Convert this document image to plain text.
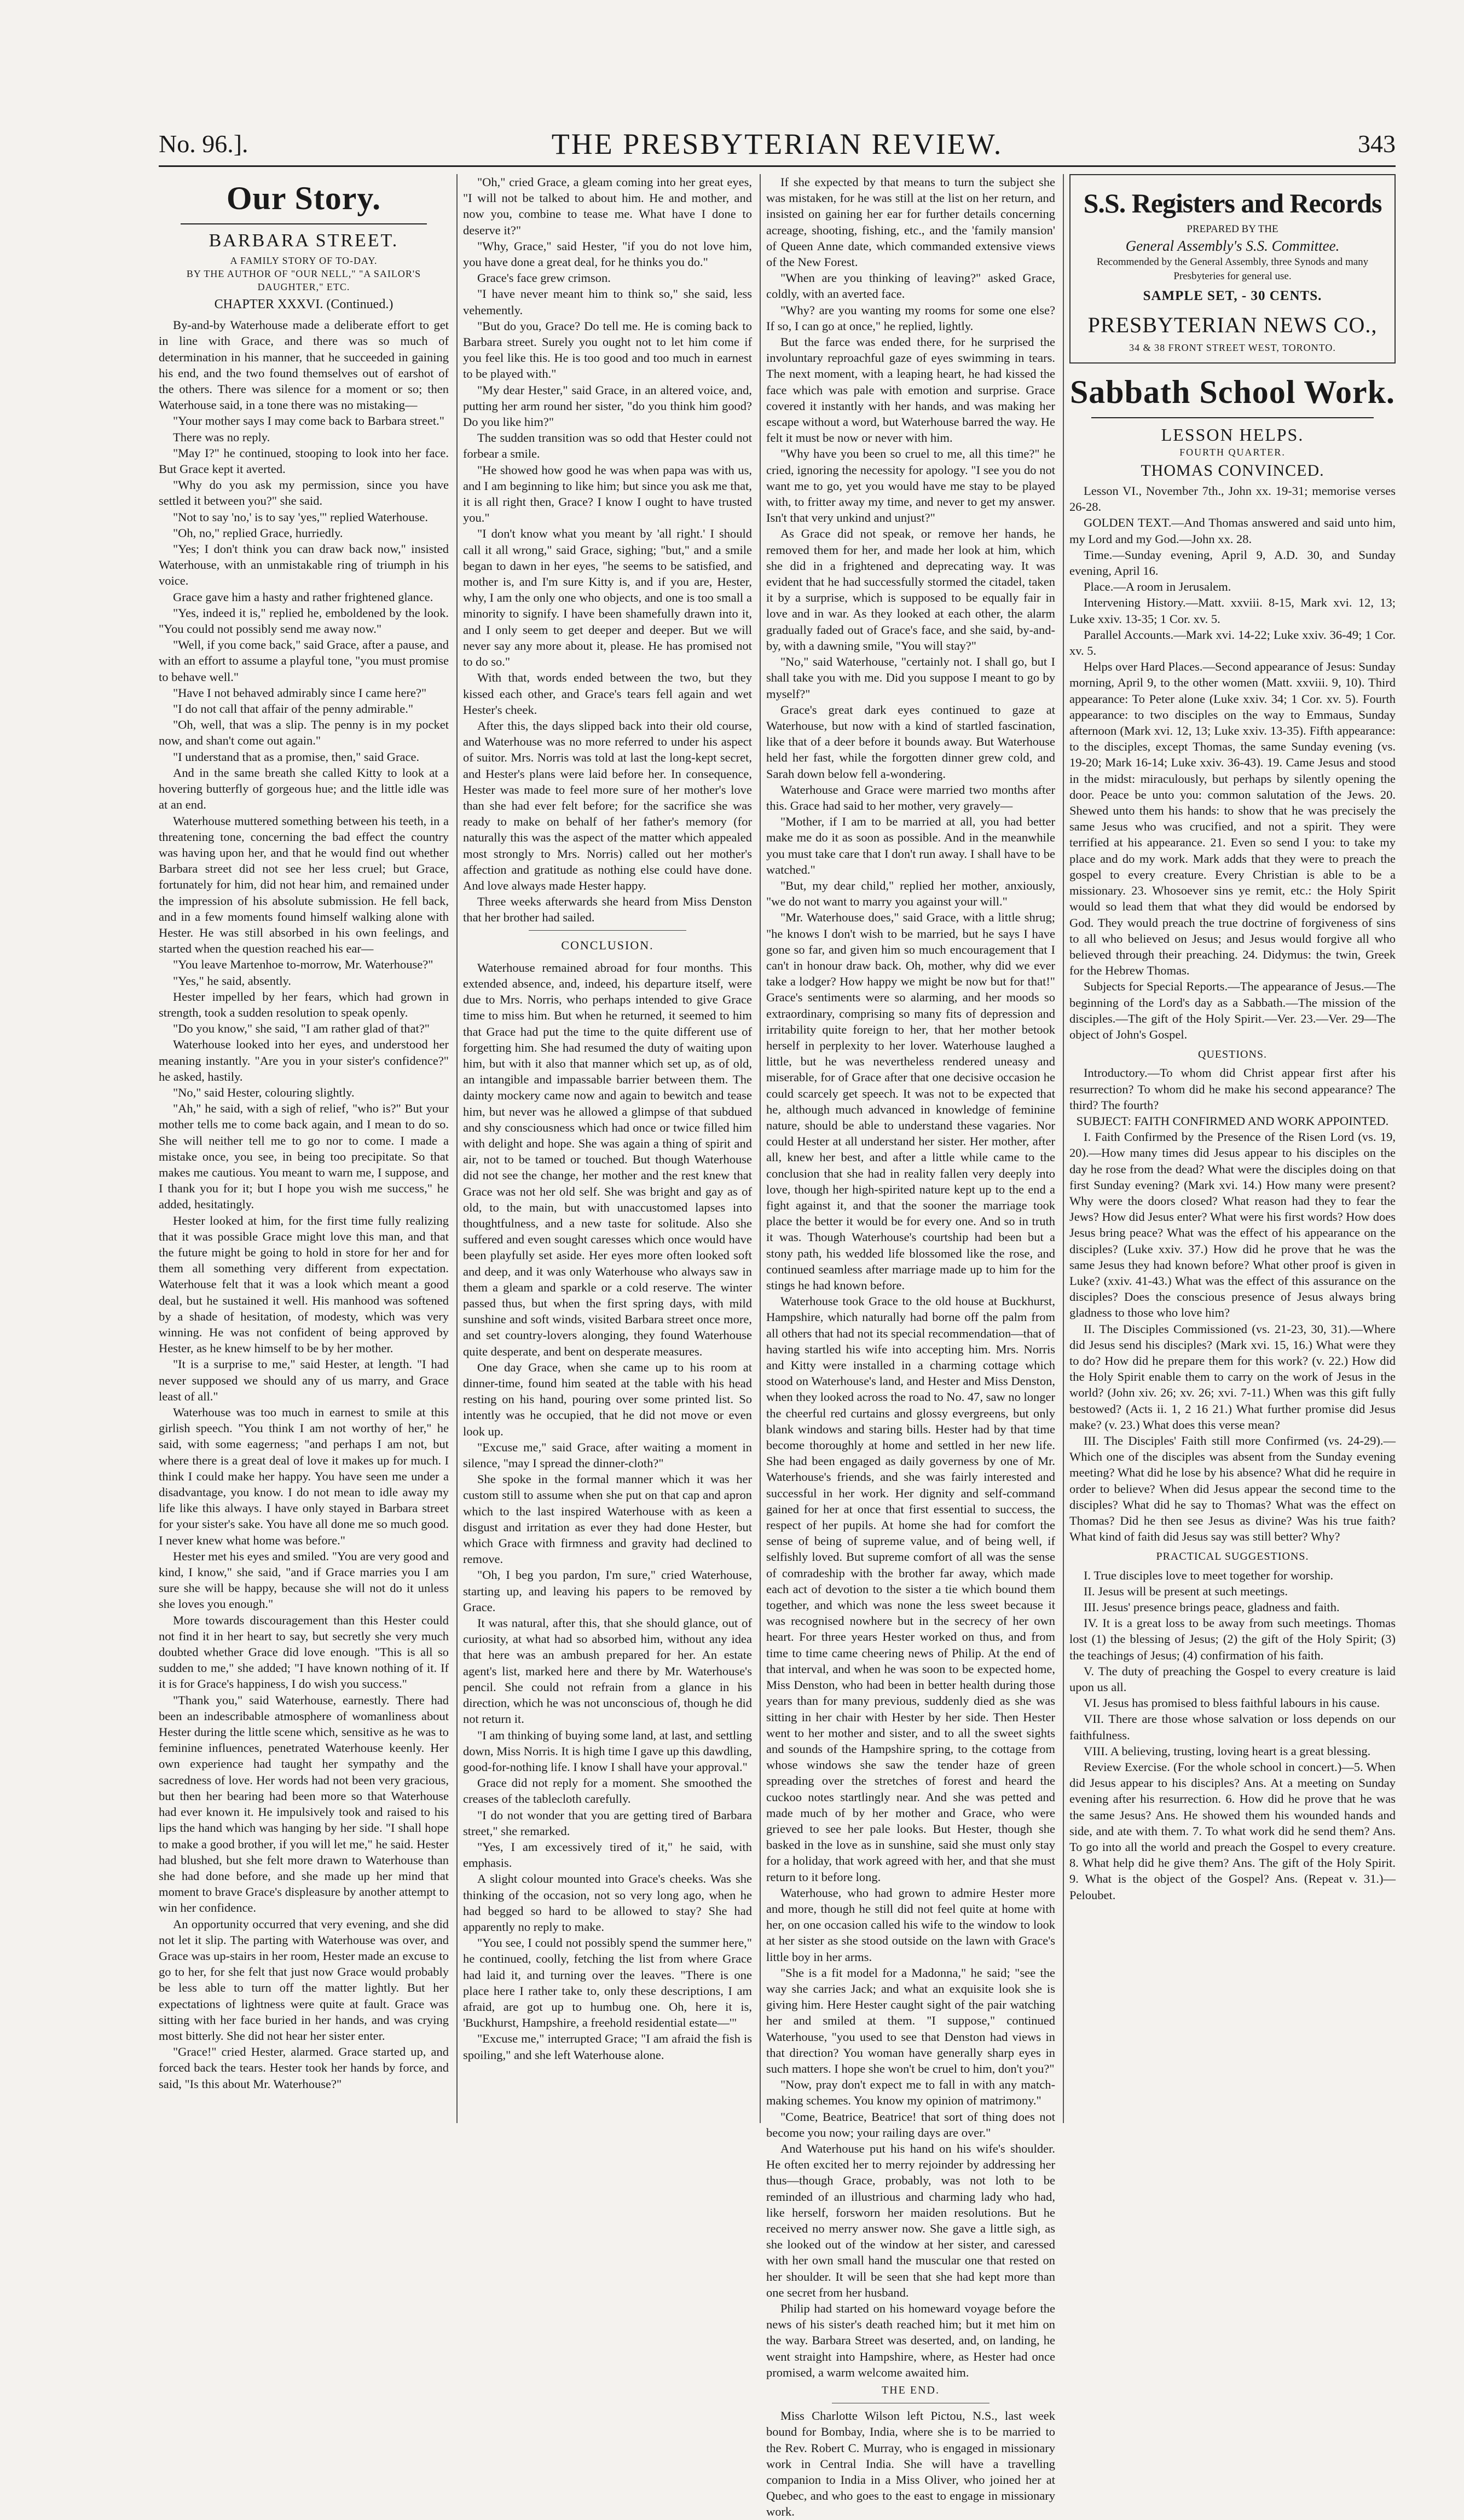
No. 96.].	THE PRESBYTERIAN REVIEW.	343
Our Story.

BARBARA STREET.

A FAMILY STORY OF TO-DAY.

BY THE AUTHOR OF "OUR NELL," "A SAILOR'S DAUGHTER," ETC.

CHAPTER XXXVI. (Continued.)

By-and-by Waterhouse made a deliberate effort to get in line with Grace, and there was so much of determination in his manner, that he succeeded in gaining his end, and the two found themselves out of earshot of the others. There was silence for a moment or so; then Waterhouse said, in a tone there was no mistaking—

"Your mother says I may come back to Barbara street."

There was no reply.

"May I?" he continued, stooping to look into her face. But Grace kept it averted.

"Why do you ask my permission, since you have settled it between you?" she said.

"Not to say 'no,' is to say 'yes,'" replied Waterhouse.

"Oh, no," replied Grace, hurriedly.

"Yes; I don't think you can draw back now," insisted Waterhouse, with an unmistakable ring of triumph in his voice.

Grace gave him a hasty and rather frightened glance.

"Yes, indeed it is," replied he, emboldened by the look. "You could not possibly send me away now."

"Well, if you come back," said Grace, after a pause, and with an effort to assume a playful tone, "you must promise to behave well."

"Have I not behaved admirably since I came here?"

"I do not call that affair of the penny admirable."

"Oh, well, that was a slip. The penny is in my pocket now, and shan't come out again."

"I understand that as a promise, then," said Grace.

And in the same breath she called Kitty to look at a hovering butterfly of gorgeous hue; and the little idle was at an end.

Waterhouse muttered something between his teeth, in a threatening tone, concerning the bad effect the country was having upon her, and that he would find out whether Barbara street did not see her less cruel; but Grace, fortunately for him, did not hear him, and remained under the impression of his absolute submission. He fell back, and in a few moments found himself walking alone with Hester. He was still absorbed in his own feelings, and started when the question reached his ear—

"You leave Martenhoe to-morrow, Mr. Waterhouse?"

"Yes," he said, absently.

Hester impelled by her fears, which had grown in strength, took a sudden resolution to speak openly.

"Do you know," she said, "I am rather glad of that?"

Waterhouse looked into her eyes, and understood her meaning instantly. "Are you in your sister's confidence?" he asked, hastily.

"No," said Hester, colouring slightly.

"Ah," he said, with a sigh of relief, "who is?" But your mother tells me to come back again, and I mean to do so. She will neither tell me to go nor to come. I made a mistake once, you see, in being too precipitate. So that makes me cautious. You meant to warn me, I suppose, and I thank you for it; but I hope you wish me success," he added, hesitatingly.

Hester looked at him, for the first time fully realizing that it was possible Grace might love this man, and that the future might be going to hold in store for her and for them all something very different from expectation. Waterhouse felt that it was a look which meant a good deal, but he sustained it well. His manhood was softened by a shade of hesitation, of modesty, which was very winning. He was not confident of being approved by Hester, as he knew himself to be by her mother.

"It is a surprise to me," said Hester, at length. "I had never supposed we should any of us marry, and Grace least of all."

Waterhouse was too much in earnest to smile at this girlish speech. "You think I am not worthy of her," he said, with some eagerness; "and perhaps I am not, but where there is a great deal of love it makes up for much. I think I could make her happy. You have seen me under a disadvantage, you know. I do not mean to idle away my life like this always. I have only stayed in Barbara street for your sister's sake. You have all done me so much good. I never knew what home was before."

Hester met his eyes and smiled. "You are very good and kind, I know," she said, "and if Grace marries you I am sure she will be happy, because she will not do it unless she loves you enough."

More towards discouragement than this Hester could not find it in her heart to say, but secretly she very much doubted whether Grace did love enough. "This is all so sudden to me," she added; "I have known nothing of it. If it is for Grace's happiness, I do wish you success."

"Thank you," said Waterhouse, earnestly. There had been an indescribable atmosphere of womanliness about Hester during the little scene which, sensitive as he was to feminine influences, penetrated Waterhouse keenly. Her own experience had taught her sympathy and the sacredness of love. Her words had not been very gracious, but then her bearing had been more so that Waterhouse had ever known it. He impulsively took and raised to his lips the hand which was hanging by her side. "I shall hope to make a good brother, if you will let me," he said. Hester had blushed, but she felt more drawn to Waterhouse than she had done before, and she made up her mind that moment to brave Grace's displeasure by another attempt to win her confidence.

An opportunity occurred that very evening, and she did not let it slip. The parting with Waterhouse was over, and Grace was up-stairs in her room, Hester made an excuse to go to her, for she felt that just now Grace would probably be less able to turn off the matter lightly. But her expectations of lightness were quite at fault. Grace was sitting with her face buried in her hands, and was crying most bitterly. She did not hear her sister enter.

"Grace!" cried Hester, alarmed. Grace started up, and forced back the tears. Hester took her hands by force, and said, "Is this about Mr. Waterhouse?"

"Oh," cried Grace, a gleam coming into her great eyes, "I will not be talked to about him. He and mother, and now you, combine to tease me. What have I done to deserve it?"

"Why, Grace," said Hester, "if you do not love him, you have done a great deal, for he thinks you do."

Grace's face grew crimson.

"I have never meant him to think so," she said, less vehemently.

"But do you, Grace? Do tell me. He is coming back to Barbara street. Surely you ought not to let him come if you feel like this. He is too good and too much in earnest to be played with."

"My dear Hester," said Grace, in an altered voice, and, putting her arm round her sister, "do you think him good? Do you like him?"

The sudden transition was so odd that Hester could not forbear a smile.

"He showed how good he was when papa was with us, and I am beginning to like him; but since you ask me that, it is all right then, Grace? I know I ought to have trusted you."

"I don't know what you meant by 'all right.' I should call it all wrong," said Grace, sighing; "but," and a smile began to dawn in her eyes, "he seems to be satisfied, and mother is, and I'm sure Kitty is, and if you are, Hester, why, I am the only one who objects, and one is too small a minority to signify. I have been shamefully drawn into it, and I only seem to get deeper and deeper. But we will never say any more about it, please. He has promised not to do so."

With that, words ended between the two, but they kissed each other, and Grace's tears fell again and wet Hester's cheek.

After this, the days slipped back into their old course, and Waterhouse was no more referred to under his aspect of suitor. Mrs. Norris was told at last the long-kept secret, and Hester's plans were laid before her. In consequence, Hester was made to feel more sure of her mother's love than she had ever felt before; for the sacrifice she was ready to make on behalf of her father's memory (for naturally this was the aspect of the matter which appealed most strongly to Mrs. Norris) called out her mother's affection and gratitude as nothing else could have done. And love always made Hester happy.

Three weeks afterwards she heard from Miss Denston that her brother had sailed.

CONCLUSION.

Waterhouse remained abroad for four months. This extended absence, and, indeed, his departure itself, were due to Mrs. Norris, who perhaps intended to give Grace time to miss him. But when he returned, it seemed to him that Grace had put the time to the quite different use of forgetting him. She had resumed the duty of waiting upon him, but with it also that manner which set up, as of old, an intangible and impassable barrier between them. The dainty mockery came now and again to bewitch and tease him, but never was he allowed a glimpse of that subdued and shy consciousness which had once or twice filled him with delight and hope. She was again a thing of spirit and air, not to be tamed or touched. But though Waterhouse did not see the change, her mother and the rest knew that Grace was not her old self. She was bright and gay as of old, to the main, but with unaccustomed lapses into thoughtfulness, and a new taste for solitude. Also she suffered and even sought caresses which once would have been playfully set aside. Her eyes more often looked soft and deep, and it was only Waterhouse who always saw in them a gleam and sparkle or a cold reserve. The winter passed thus, but when the first spring days, with mild sunshine and soft winds, visited Barbara street once more, and set country-lovers alonging, they found Waterhouse quite desperate, and bent on desperate measures.

One day Grace, when she came up to his room at dinner-time, found him seated at the table with his head resting on his hand, pouring over some printed list. So intently was he occupied, that he did not move or even look up.

"Excuse me," said Grace, after waiting a moment in silence, "may I spread the dinner-cloth?"

She spoke in the formal manner which it was her custom still to assume when she put on that cap and apron which to the last inspired Waterhouse with as keen a disgust and irritation as ever they had done Hester, but which Grace with firmness and gravity had declined to remove.

"Oh, I beg you pardon, I'm sure," cried Waterhouse, starting up, and leaving his papers to be removed by Grace.

It was natural, after this, that she should glance, out of curiosity, at what had so absorbed him, without any idea that here was an ambush prepared for her. An estate agent's list, marked here and there by Mr. Waterhouse's pencil. She could not refrain from a glance in his direction, which he was not unconscious of, though he did not return it.

"I am thinking of buying some land, at last, and settling down, Miss Norris. It is high time I gave up this dawdling, good-for-nothing life. I know I shall have your approval."

Grace did not reply for a moment. She smoothed the creases of the tablecloth carefully.

"I do not wonder that you are getting tired of Barbara street," she remarked.

"Yes, I am excessively tired of it," he said, with emphasis.

A slight colour mounted into Grace's cheeks. Was she thinking of the occasion, not so very long ago, when he had begged so hard to be allowed to stay? She had apparently no reply to make.

"You see, I could not possibly spend the summer here," he continued, coolly, fetching the list from where Grace had laid it, and turning over the leaves. "There is one place here I rather take to, only these descriptions, I am afraid, are got up to humbug one. Oh, here it is, 'Buckhurst, Hampshire, a freehold residential estate—'"

"Excuse me," interrupted Grace; "I am afraid the fish is spoiling," and she left Waterhouse alone.

If she expected by that means to turn the subject she was mistaken, for he was still at the list on her return, and insisted on gaining her ear for further details concerning acreage, shooting, fishing, etc., and the 'family mansion' of Queen Anne date, which commanded extensive views of the New Forest.

"When are you thinking of leaving?" asked Grace, coldly, with an averted face.

"Why? are you wanting my rooms for some one else? If so, I can go at once," he replied, lightly.

But the farce was ended there, for he surprised the involuntary reproachful gaze of eyes swimming in tears. The next moment, with a leaping heart, he had kissed the face which was pale with emotion and surprise. Grace covered it instantly with her hands, and was making her escape without a word, but Waterhouse barred the way. He felt it must be now or never with him.

"Why have you been so cruel to me, all this time?" he cried, ignoring the necessity for apology. "I see you do not want me to go, yet you would have me stay to be played with, to fritter away my time, and never to get my answer. Isn't that very unkind and unjust?"

As Grace did not speak, or remove her hands, he removed them for her, and made her look at him, which she did in a frightened and deprecating way. It was evident that he had successfully stormed the citadel, taken it by a surprise, which is supposed to be equally fair in love and in war. As they looked at each other, the alarm gradually faded out of Grace's face, and she said, by-and-by, with a dawning smile, "You will stay?"

"No," said Waterhouse, "certainly not. I shall go, but I shall take you with me. Did you suppose I meant to go by myself?"

Grace's great dark eyes continued to gaze at Waterhouse, but now with a kind of startled fascination, like that of a deer before it bounds away. But Waterhouse held her fast, while the forgotten dinner grew cold, and Sarah down below fell a-wondering.

Waterhouse and Grace were married two months after this. Grace had said to her mother, very gravely—

"Mother, if I am to be married at all, you had better make me do it as soon as possible. And in the meanwhile you must take care that I don't run away. I shall have to be watched."

"But, my dear child," replied her mother, anxiously, "we do not want to marry you against your will."

"Mr. Waterhouse does," said Grace, with a little shrug; "he knows I don't wish to be married, but he says I have gone so far, and given him so much encouragement that I can't in honour draw back. Oh, mother, why did we ever take a lodger? How happy we might be now but for that!" Grace's sentiments were so alarming, and her moods so extraordinary, comprising so many fits of depression and irritability quite foreign to her, that her mother betook herself in perplexity to her lover. Waterhouse laughed a little, but he was nevertheless rendered uneasy and miserable, for of Grace after that one decisive occasion he could scarcely get speech. It was not to be expected that he, although much advanced in knowledge of feminine nature, should be able to understand these vagaries. Nor could Hester at all understand her sister. Her mother, after all, knew her best, and after a little while came to the conclusion that she had in reality fallen very deeply into love, though her high-spirited nature kept up to the end a fight against it, and that the sooner the marriage took place the better it would be for every one. And so in truth it was. Though Waterhouse's courtship had been but a stony path, his wedded life blossomed like the rose, and continued seamless after marriage made up to him for the stings he had known before.

Waterhouse took Grace to the old house at Buckhurst, Hampshire, which naturally had borne off the palm from all others that had not its special recommendation—that of having startled his wife into accepting him. Mrs. Norris and Kitty were installed in a charming cottage which stood on Waterhouse's land, and Hester and Miss Denston, when they looked across the road to No. 47, saw no longer the cheerful red curtains and glossy evergreens, but only blank windows and staring bills. Hester had by that time become thoroughly at home and settled in her new life. She had been engaged as daily governess by one of Mr. Waterhouse's friends, and she was fairly interested and successful in her work. Her dignity and self-command gained for her at once that first essential to success, the respect of her pupils. At home she had for comfort the sense of being of supreme value, and of being well, if selfishly loved. But supreme comfort of all was the sense of comradeship with the brother far away, which made each act of devotion to the sister a tie which bound them together, and which was none the less sweet because it was recognised nowhere but in the secrecy of her own heart. For three years Hester worked on thus, and from time to time came cheering news of Philip. At the end of that interval, and when he was soon to be expected home, Miss Denston, who had been in better health during those years than for many previous, suddenly died as she was sitting in her chair with Hester by her side. Then Hester went to her mother and sister, and to all the sweet sights and sounds of the Hampshire spring, to the cottage from whose windows she saw the tender haze of green spreading over the stretches of forest and heard the cuckoo notes startlingly near. And she was petted and made much of by her mother and Grace, who were grieved to see her pale looks. But Hester, though she basked in the love as in sunshine, said she must only stay for a holiday, that work agreed with her, and that she must return to it before long.

Waterhouse, who had grown to admire Hester more and more, though he still did not feel quite at home with her, on one occasion called his wife to the window to look at her sister as she stood outside on the lawn with Grace's little boy in her arms.

"She is a fit model for a Madonna," he said; "see the way she carries Jack; and what an exquisite look she is giving him. Here Hester caught sight of the pair watching her and smiled at them. "I suppose," continued Waterhouse, "you used to see that Denston had views in that direction? You woman have generally sharp eyes in such matters. I hope she won't be cruel to him, don't you?"

"Now, pray don't expect me to fall in with any match-making schemes. You know my opinion of matrimony."

"Come, Beatrice, Beatrice! that sort of thing does not become you now; your railing days are over."

And Waterhouse put his hand on his wife's shoulder. He often excited her to merry rejoinder by addressing her thus—though Grace, probably, was not loth to be reminded of an illustrious and charming lady who had, like herself, forsworn her maiden resolutions. But he received no merry answer now. She gave a little sigh, as she looked out of the window at her sister, and caressed with her own small hand the muscular one that rested on her shoulder. It will be seen that she had kept more than one secret from her husband.

Philip had started on his homeward voyage before the news of his sister's death reached him; but it met him on the way. Barbara Street was deserted, and, on landing, he went straight into Hampshire, where, as Hester had once promised, a warm welcome awaited him.

THE END.

Miss Charlotte Wilson left Pictou, N.S., last week bound for Bombay, India, where she is to be married to the Rev. Robert C. Murray, who is engaged in missionary work in Central India. She will have a travelling companion to India in a Miss Oliver, who joined her at Quebec, and who goes to the east to engage in missionary work.

S.S. Registers and Records

PREPARED BY THE

General Assembly's S.S. Committee.

Recommended by the General Assembly, three Synods and many Presbyteries for general use.

SAMPLE SET, - 30 CENTS.

PRESBYTERIAN NEWS CO.,

34 & 38 FRONT STREET WEST, TORONTO.

Sabbath School Work.

LESSON HELPS.

FOURTH QUARTER.

THOMAS CONVINCED.

Lesson VI., November 7th., John xx. 19-31; memorise verses 26-28.

GOLDEN TEXT.—And Thomas answered and said unto him, my Lord and my God.—John xx. 28.

Time.—Sunday evening, April 9, A.D. 30, and Sunday evening, April 16.

Place.—A room in Jerusalem.

Intervening History.—Matt. xxviii. 8-15, Mark xvi. 12, 13; Luke xxiv. 13-35; 1 Cor. xv. 5.

Parallel Accounts.—Mark xvi. 14-22; Luke xxiv. 36-49; 1 Cor. xv. 5.

Helps over Hard Places.—Second appearance of Jesus: Sunday morning, April 9, to the other women (Matt. xxviii. 9, 10). Third appearance: To Peter alone (Luke xxiv. 34; 1 Cor. xv. 5). Fourth appearance: to two disciples on the way to Emmaus, Sunday afternoon (Mark xvi. 12, 13; Luke xxiv. 13-35). Fifth appearance: to the disciples, except Thomas, the same Sunday evening (vs. 19-20; Mark 16-14; Luke xxiv. 36-43). 19. Came Jesus and stood in the midst: miraculously, but perhaps by silently opening the door. Peace be unto you: common salutation of the Jews. 20. Shewed unto them his hands: to show that he was precisely the same Jesus who was crucified, and not a spirit. They were terrified at his appearance. 21. Even so send I you: to take my place and do my work. Mark adds that they were to preach the gospel to every creature. Every Christian is able to be a missionary. 23. Whosoever sins ye remit, etc.: the Holy Spirit would so lead them that what they did would be endorsed by God. They would preach the true doctrine of forgiveness of sins to all who believed on Jesus; and Jesus would forgive all who believed through their preaching. 24. Didymus: the twin, Greek for the Hebrew Thomas.

Subjects for Special Reports.—The appearance of Jesus.—The beginning of the Lord's day as a Sabbath.—The mission of the disciples.—The gift of the Holy Spirit.—Ver. 23.—Ver. 29—The object of John's Gospel.

QUESTIONS.

Introductory.—To whom did Christ appear first after his resurrection? To whom did he make his second appearance? The third? The fourth?

SUBJECT: FAITH CONFIRMED AND WORK APPOINTED.

I. Faith Confirmed by the Presence of the Risen Lord (vs. 19, 20).—How many times did Jesus appear to his disciples on the day he rose from the dead? What were the disciples doing on that first Sunday evening? (Mark xvi. 14.) How many were present? Why were the doors closed? What reason had they to fear the Jews? How did Jesus enter? What were his first words? How does Jesus bring peace? What was the effect of his appearance on the disciples? (Luke xxiv. 37.) How did he prove that he was the same Jesus they had known before? What other proof is given in Luke? (xxiv. 41-43.) What was the effect of this assurance on the disciples? Does the conscious presence of Jesus always bring gladness to those who love him?

II. The Disciples Commissioned (vs. 21-23, 30, 31).—Where did Jesus send his disciples? (Mark xvi. 15, 16.) What were they to do? How did he prepare them for this work? (v. 22.) How did the Holy Spirit enable them to carry on the work of Jesus in the world? (John xiv. 26; xv. 26; xvi. 7-11.) When was this gift fully bestowed? (Acts ii. 1, 2 16 21.) What further promise did Jesus make? (v. 23.) What does this verse mean?

III. The Disciples' Faith still more Confirmed (vs. 24-29).—Which one of the disciples was absent from the Sunday evening meeting? What did he lose by his absence? What did he require in order to believe? When did Jesus appear the second time to the disciples? What did he say to Thomas? What was the effect on Thomas? Did he then see Jesus as divine? Was his true faith? What kind of faith did Jesus say was still better? Why?

PRACTICAL SUGGESTIONS.

I. True disciples love to meet together for worship.

II. Jesus will be present at such meetings.

III. Jesus' presence brings peace, gladness and faith.

IV. It is a great loss to be away from such meetings. Thomas lost (1) the blessing of Jesus; (2) the gift of the Holy Spirit; (3) the teachings of Jesus; (4) confirmation of his faith.

V. The duty of preaching the Gospel to every creature is laid upon us all.

VI. Jesus has promised to bless faithful labours in his cause.

VII. There are those whose salvation or loss depends on our faithfulness.

VIII. A believing, trusting, loving heart is a great blessing.

Review Exercise. (For the whole school in concert.)—5. When did Jesus appear to his disciples? Ans. At a meeting on Sunday evening after his resurrection. 6. How did he prove that he was the same Jesus? Ans. He showed them his wounded hands and side, and ate with them. 7. To what work did he send them? Ans. To go into all the world and preach the Gospel to every creature. 8. What help did he give them? Ans. The gift of the Holy Spirit. 9. What is the object of the Gospel? Ans. (Repeat v. 31.)—Peloubet.
